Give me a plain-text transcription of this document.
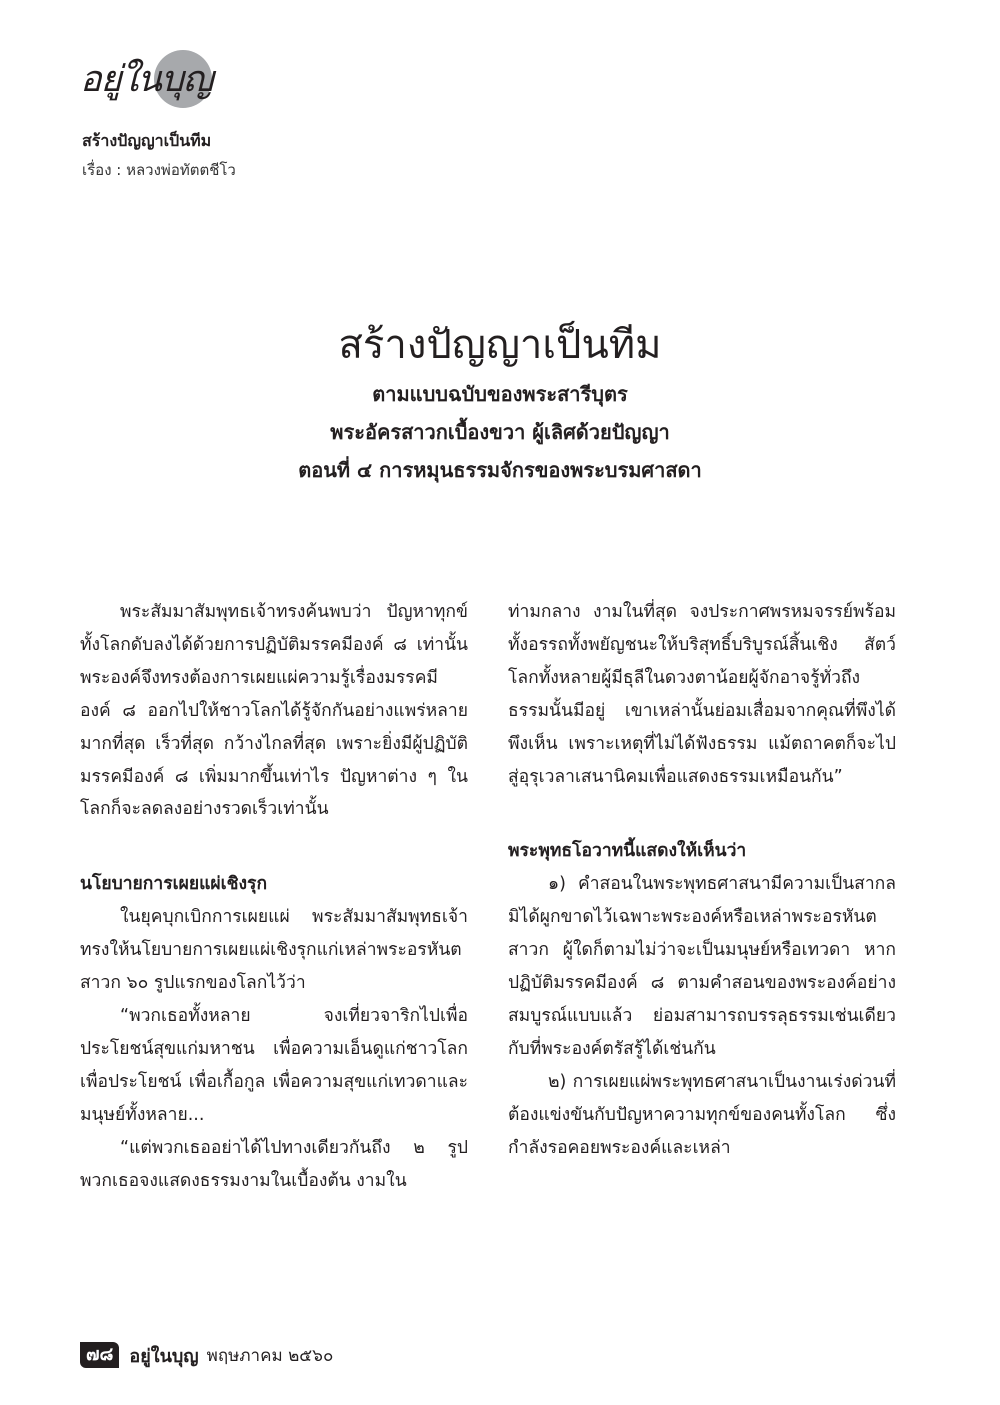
อยู่ในบุญ
สร้างปัญญาเป็นทีม
เรื่อง : หลวงพ่อทัตตชีโว
สร้างปัญญาเป็นทีม
ตามแบบฉบับของพระสารีบุตร
พระอัครสาวกเบื้องขวา ผู้เลิศด้วยปัญญา
ตอนที่ ๔ การหมุนธรรมจักรของพระบรมศาสดา

พระสัมมาสัมพุทธเจ้าทรงค้นพบว่า ปัญหาทุกข์ทั้งโลกดับลงได้ด้วยการปฏิบัติมรรคมีองค์ ๘ เท่านั้น พระองค์จึงทรงต้องการเผยแผ่ความรู้เรื่องมรรคมีองค์ ๘ ออกไปให้ชาวโลกได้รู้จักกันอย่างแพร่หลายมากที่สุด เร็วที่สุด กว้างไกลที่สุด เพราะยิ่งมีผู้ปฏิบัติมรรคมีองค์ ๘ เพิ่มมากขึ้นเท่าไร ปัญหาต่าง ๆ ในโลกก็จะลดลงอย่างรวดเร็วเท่านั้น

นโยบายการเผยแผ่เชิงรุก

ในยุคบุกเบิกการเผยแผ่ พระสัมมาสัมพุทธเจ้าทรงให้นโยบายการเผยแผ่เชิงรุกแก่เหล่าพระอรหันตสาวก ๖๐ รูปแรกของโลกไว้ว่า

“พวกเธอทั้งหลาย จงเที่ยวจาริกไปเพื่อประโยชน์สุขแก่มหาชน เพื่อความเอ็นดูแก่ชาวโลก เพื่อประโยชน์ เพื่อเกื้อกูล เพื่อความสุขแก่เทวดาและมนุษย์ทั้งหลาย...

“แต่พวกเธออย่าได้ไปทางเดียวกันถึง ๒ รูป พวกเธอจงแสดงธรรมงามในเบื้องต้น งามใน

ท่ามกลาง งามในที่สุด จงประกาศพรหมจรรย์พร้อมทั้งอรรถทั้งพยัญชนะให้บริสุทธิ์บริบูรณ์สิ้นเชิง สัตว์โลกทั้งหลายผู้มีธุลีในดวงตาน้อยผู้จักอาจรู้ทั่วถึงธรรมนั้นมีอยู่ เขาเหล่านั้นย่อมเสื่อมจากคุณที่พึงได้พึงเห็น เพราะเหตุที่ไม่ได้ฟังธรรม แม้ตถาคตก็จะไปสู่อุรุเวลาเสนานิคมเพื่อแสดงธรรมเหมือนกัน”

พระพุทธโอวาทนี้แสดงให้เห็นว่า

๑) คำสอนในพระพุทธศาสนามีความเป็นสากล มิได้ผูกขาดไว้เฉพาะพระองค์หรือเหล่าพระอรหันตสาวก ผู้ใดก็ตามไม่ว่าจะเป็นมนุษย์หรือเทวดา หากปฏิบัติมรรคมีองค์ ๘ ตามคำสอนของพระองค์อย่างสมบูรณ์แบบแล้ว ย่อมสามารถบรรลุธรรมเช่นเดียวกับที่พระองค์ตรัสรู้ได้เช่นกัน

๒) การเผยแผ่พระพุทธศาสนาเป็นงานเร่งด่วนที่ต้องแข่งขันกับปัญหาความทุกข์ของคนทั้งโลก ซึ่งกำลังรอคอยพระองค์และเหล่า

๗๘ อยู่ในบุญ พฤษภาคม ๒๕๖๐
